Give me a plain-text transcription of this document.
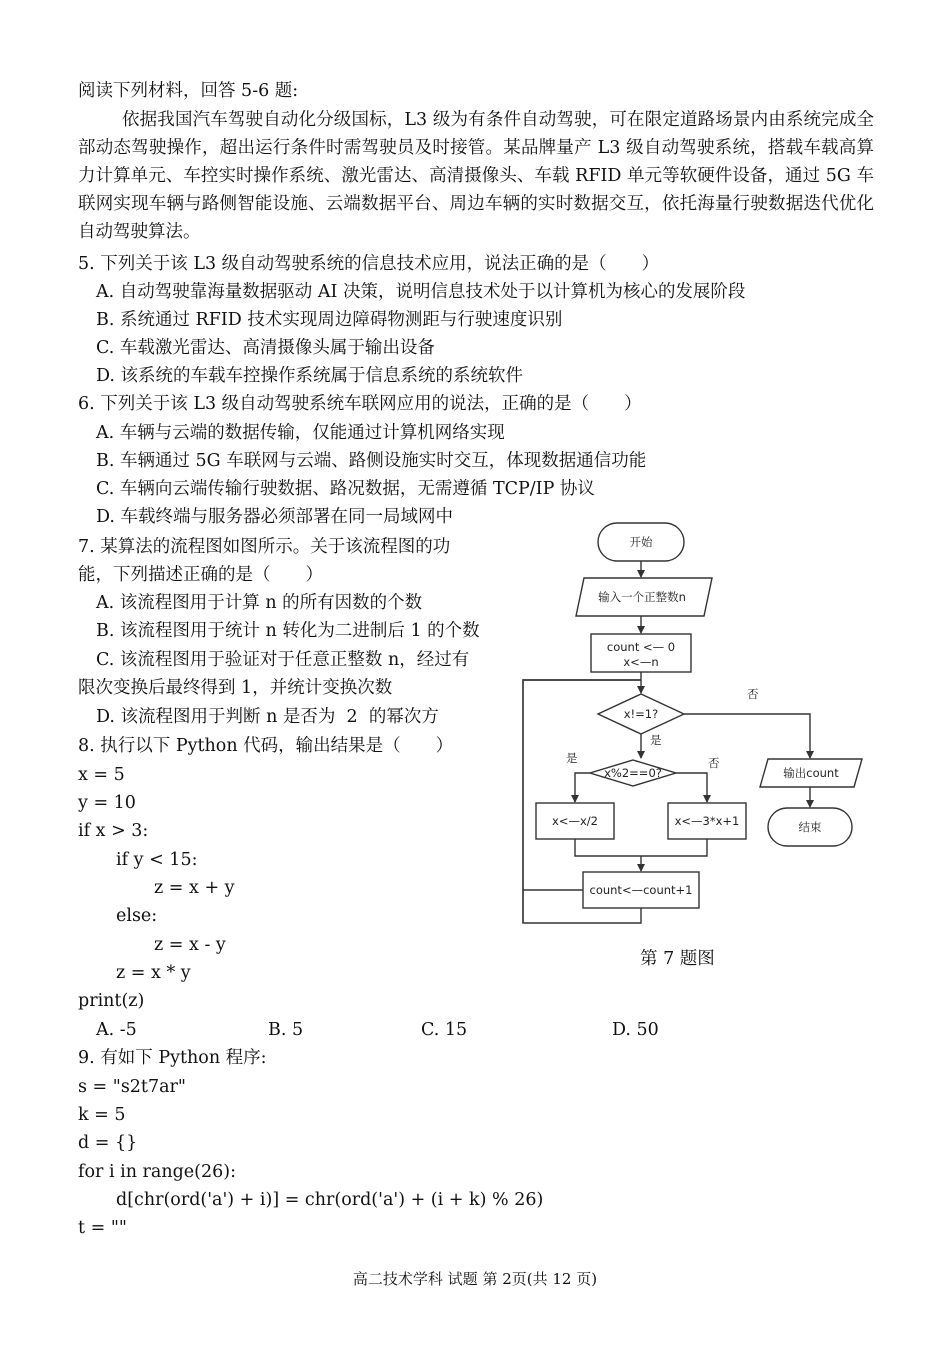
阅读下列材料，回答 5-6 题:
依据我国汽车驾驶自动化分级国标，L3 级为有条件自动驾驶，可在限定道路场景内由系统完成全部动态驾驶操作，超出运行条件时需驾驶员及时接管。某品牌量产 L3 级自动驾驶系统，搭载车载高算力计算单元、车控实时操作系统、激光雷达、高清摄像头、车载 RFID 单元等软硬件设备，通过 5G 车联网实现车辆与路侧智能设施、云端数据平台、周边车辆的实时数据交互，依托海量行驶数据迭代优化自动驾驶算法。
5. 下列关于该 L3 级自动驾驶系统的信息技术应用，说法正确的是（　　）
A. 自动驾驶靠海量数据驱动 AI 决策，说明信息技术处于以计算机为核心的发展阶段
B. 系统通过 RFID 技术实现周边障碍物测距与行驶速度识别
C. 车载激光雷达、高清摄像头属于输出设备
D. 该系统的车载车控操作系统属于信息系统的系统软件
6. 下列关于该 L3 级自动驾驶系统车联网应用的说法，正确的是（　　）
A. 车辆与云端的数据传输，仅能通过计算机网络实现
B. 车辆通过 5G 车联网与云端、路侧设施实时交互，体现数据通信功能
C. 车辆向云端传输行驶数据、路况数据，无需遵循 TCP/IP 协议
D. 车载终端与服务器必须部署在同一局域网中
7. 某算法的流程图如图所示。关于该流程图的功
能，下列描述正确的是（　　）
A. 该流程图用于计算 n 的所有因数的个数
B. 该流程图用于统计 n 转化为二进制后 1 的个数
C. 该流程图用于验证对于任意正整数 n，经过有
限次变换后最终得到 1，并统计变换次数
D. 该流程图用于判断 n 是否为  2  的幂次方
开始
输入一个正整数n
count <— 0
x<—n
x!=1?
是
否
x%2==0?
是	否
x<—x/2	x<—3*x+1
count<—count+1
输出count
结束
第 7 题图
8. 执行以下 Python 代码，输出结果是（　　）
x = 5
y = 10
if x > 3:
if y < 15:
z = x + y
else:
z = x - y
z = x * y
print(z)
A. -5	B. 5	C. 15	D. 50
9. 有如下 Python 程序:
s = "s2t7ar"
k = 5
d = {}
for i in range(26):
d[chr(ord('a') + i)] = chr(ord('a') + (i + k) % 26)
t = ""
高二技术学科 试题 第 2页(共 12 页)
